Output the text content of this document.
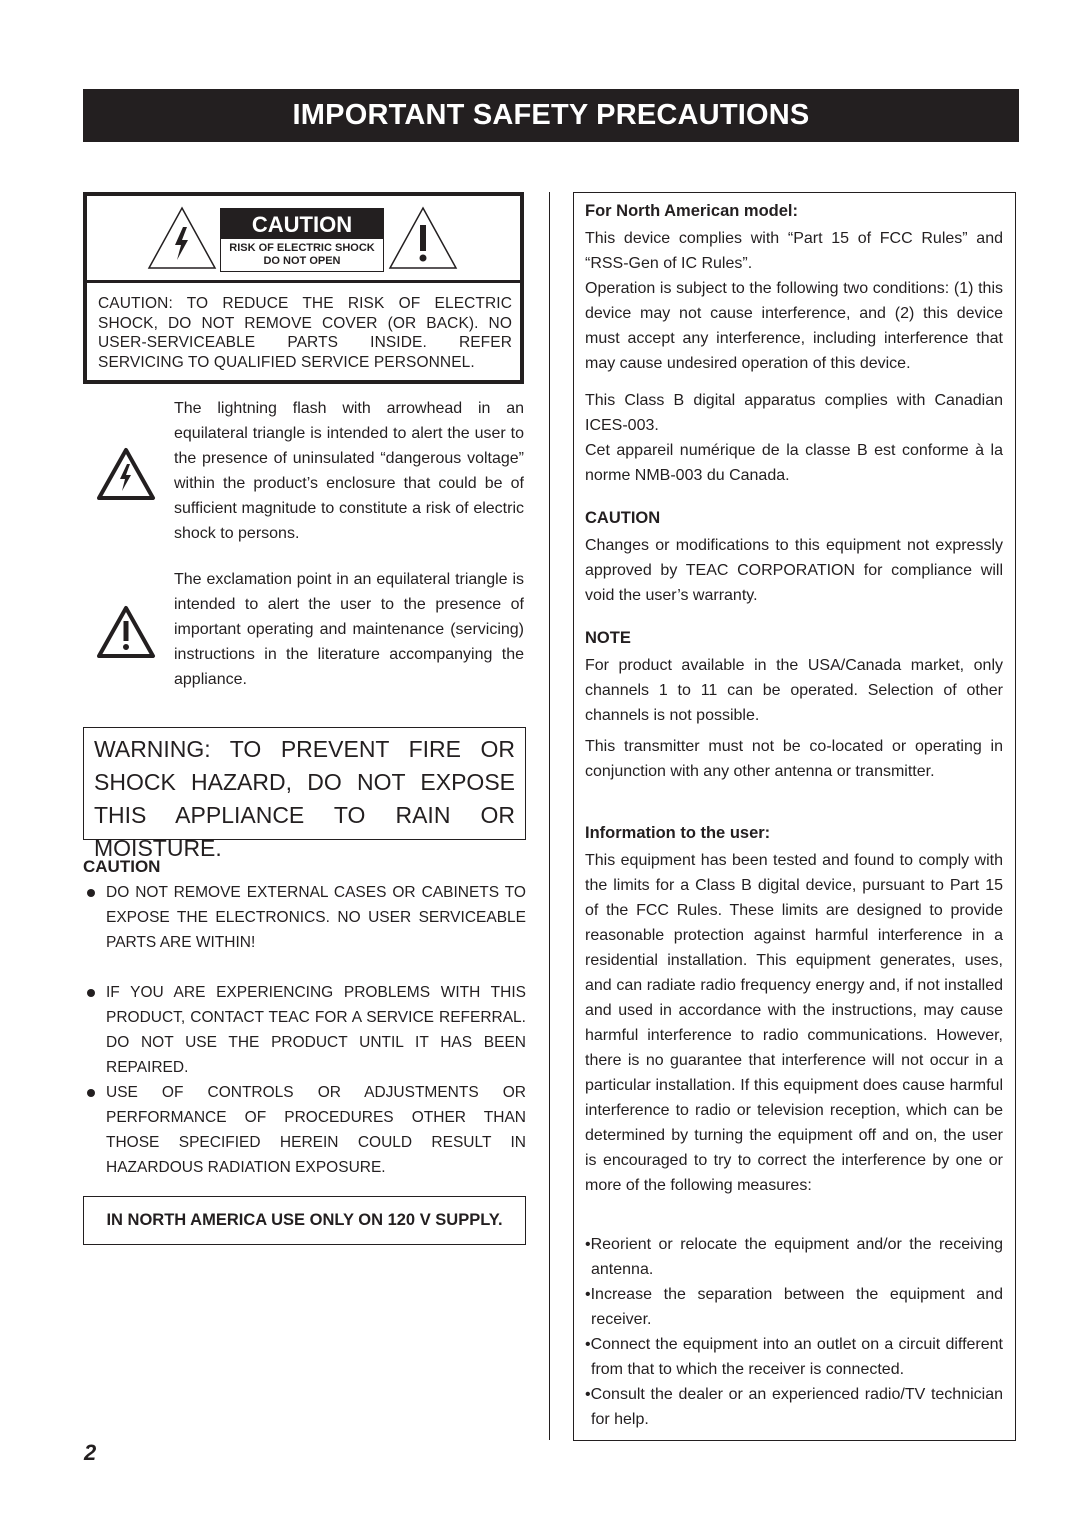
IMPORTANT SAFETY PRECAUTIONS
CAUTION
RISK OF ELECTRIC SHOCK
DO NOT OPEN
CAUTION: TO REDUCE THE RISK OF ELECTRIC SHOCK, DO NOT REMOVE COVER (OR BACK). NO USER-SERVICEABLE PARTS INSIDE. REFER SERVICING TO QUALIFIED SERVICE PERSONNEL.
The lightning flash with arrowhead in an equilateral triangle is intended to alert the user to the presence of uninsulated “dangerous voltage” within the product’s enclosure that could be of sufficient magnitude to constitute a risk of electric shock to persons.
The exclamation point in an equilateral triangle is intended to alert the user to the presence of important operating and maintenance (servicing) instructions in the literature accompanying the appliance.
WARNING: TO PREVENT FIRE OR SHOCK HAZARD, DO NOT EXPOSE THIS APPLIANCE TO RAIN OR MOISTURE.
CAUTION
DO NOT REMOVE EXTERNAL CASES OR CABINETS TO EXPOSE THE ELECTRONICS. NO USER SERVICEABLE PARTS ARE WITHIN!
IF YOU ARE EXPERIENCING PROBLEMS WITH THIS PRODUCT, CONTACT TEAC FOR A SERVICE REFERRAL. DO NOT USE THE PRODUCT UNTIL IT HAS BEEN REPAIRED.
USE OF CONTROLS OR ADJUSTMENTS OR PERFORMANCE OF PROCEDURES OTHER THAN THOSE SPECIFIED HEREIN COULD RESULT IN HAZARDOUS RADIATION EXPOSURE.
IN NORTH AMERICA USE ONLY ON 120 V SUPPLY.
2
For North American model:
This device complies with “Part 15 of FCC Rules” and “RSS-Gen of IC Rules”.
Operation is subject to the following two conditions: (1) this device may not cause interference, and (2) this device must accept any interference, including interference that may cause undesired operation of this device.
This Class B digital apparatus complies with Canadian ICES-003.
Cet appareil numérique de la classe B est conforme à la norme NMB-003 du Canada.
CAUTION
Changes or modifications to this equipment not expressly approved by TEAC CORPORATION for compliance will void the user’s warranty.
NOTE
For product available in the USA/Canada market, only channels 1 to 11 can be operated. Selection of other channels is not possible.
This transmitter must not be co-located or operating in conjunction with any other antenna or transmitter.
Information to the user:
This equipment has been tested and found to comply with the limits for a Class B digital device, pursuant to Part 15 of the FCC Rules. These limits are designed to provide reasonable protection against harmful interference in a residential installation. This equipment generates, uses, and can radiate radio frequency energy and, if not installed and used in accordance with the instructions, may cause harmful interference to radio communications. However, there is no guarantee that interference will not occur in a particular installation. If this equipment does cause harmful interference to radio or television reception, which can be determined by turning the equipment off and on, the user is encouraged to try to correct the interference by one or more of the following measures:
•Reorient or relocate the equipment and/or the receiving antenna.
•Increase the separation between the equipment and receiver.
•Connect the equipment into an outlet on a circuit different from that to which the receiver is connected.
•Consult the dealer or an experienced radio/TV technician for help.
